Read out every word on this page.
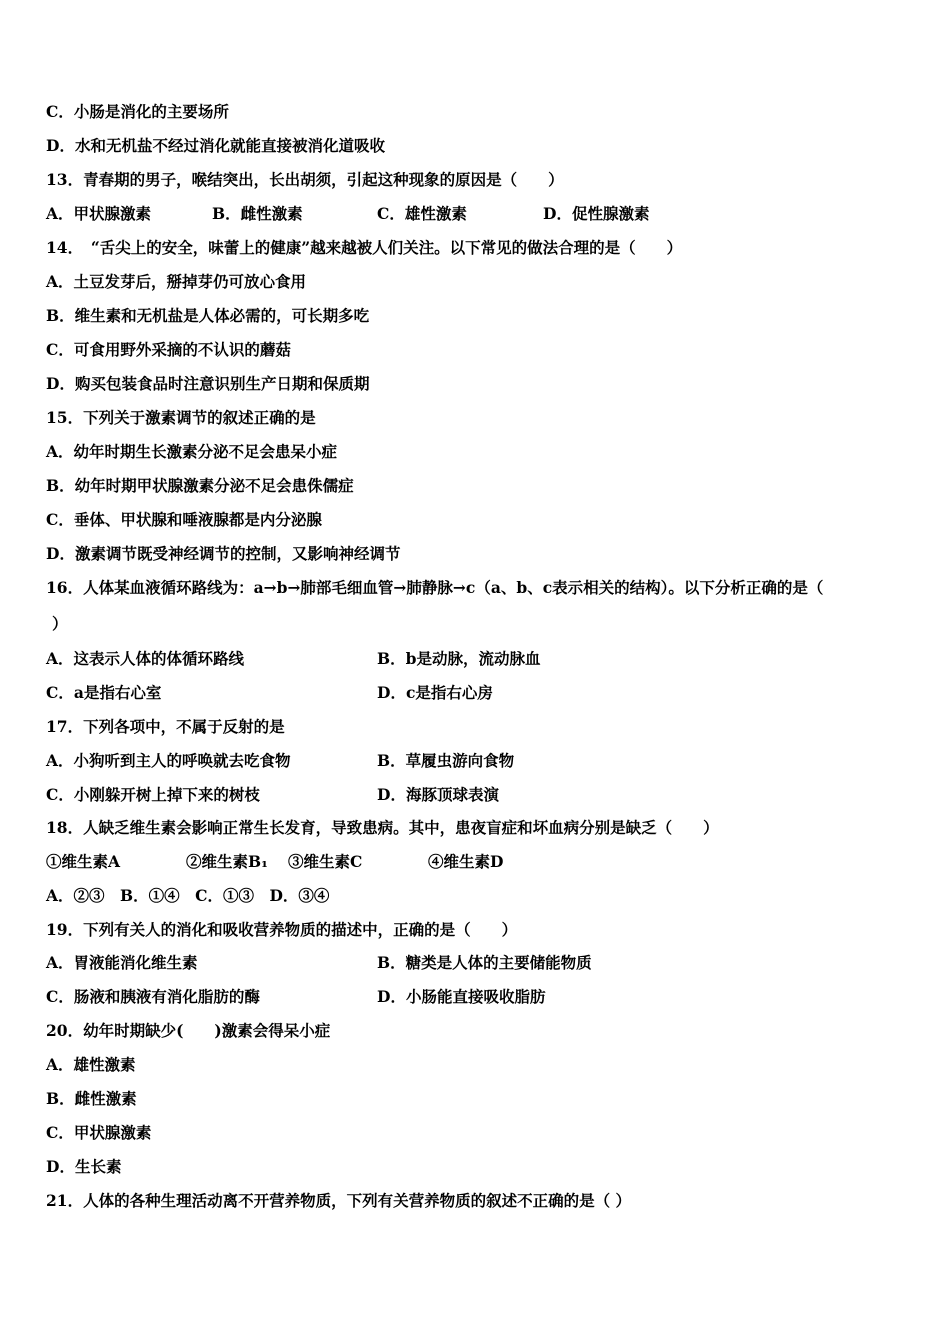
C．小肠是消化的主要场所
D．水和无机盐不经过消化就能直接被消化道吸收
13．青春期的男子，喉结突出，长出胡须，引起这种现象的原因是（　　）
A．甲状腺激素	B．雌性激素	C．雄性激素	D．促性腺激素
14．　“舌尖上的安全，味蕾上的健康”越来越被人们关注。以下常见的做法合理的是（　　）
A．土豆发芽后，掰掉芽仍可放心食用
B．维生素和无机盐是人体必需的，可长期多吃
C．可食用野外采摘的不认识的蘑菇
D．购买包装食品时注意识别生产日期和保质期
15．下列关于激素调节的叙述正确的是
A．幼年时期生长激素分泌不足会患呆小症
B．幼年时期甲状腺激素分泌不足会患侏儒症
C．垂体、甲状腺和唾液腺都是内分泌腺
D．激素调节既受神经调节的控制，又影响神经调节
16．人体某血液循环路线为：a→b→肺部毛细血管→肺静脉→c（a、b、c表示相关的结构）。以下分析正确的是（
）
A．这表示人体的体循环路线	B．b是动脉，流动脉血
C．a是指右心室	D．c是指右心房
17．下列各项中，不属于反射的是
A．小狗听到主人的呼唤就去吃食物	B．草履虫游向食物
C．小刚躲开树上掉下来的树枝	D．海豚顶球表演
18．人缺乏维生素会影响正常生长发育，导致患病。其中，患夜盲症和坏血病分别是缺乏（　　）
①维生素A	②维生素B₁ ③维生素C	④维生素D
A．②③　B．①④　C．①③　D．③④
19．下列有关人的消化和吸收营养物质的描述中，正确的是（　　）
A．胃液能消化维生素	B．糖类是人体的主要储能物质
C．肠液和胰液有消化脂肪的酶	D．小肠能直接吸收脂肪
20．幼年时期缺少(　　)激素会得呆小症
A．雄性激素
B．雌性激素
C．甲状腺激素
D．生长素
21．人体的各种生理活动离不开营养物质，下列有关营养物质的叙述不正确的是（ ）
